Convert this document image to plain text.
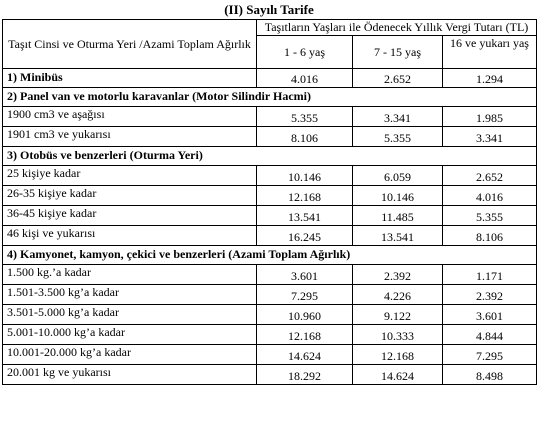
(II) Sayılı Tarife
Taşıt Cinsi ve Oturma Yeri /Azami Toplam Ağırlık	Taşıtların Yaşları ile Ödenecek Yıllık Vergi Tutarı (TL)		
	1 - 6 yaş	7 - 15 yaş	16 ve yukarı yaş
1) Minibüs	4.016	2.652	1.294
2) Panel van ve motorlu karavanlar (Motor Silindir Hacmi)			
1900 cm3 ve aşağısı	5.355	3.341	1.985
1901 cm3 ve yukarısı	8.106	5.355	3.341
3) Otobüs ve benzerleri (Oturma Yeri)			
25 kişiye kadar	10.146	6.059	2.652
26-35 kişiye kadar	12.168	10.146	4.016
36-45 kişiye kadar	13.541	11.485	5.355
46 kişi ve yukarısı	16.245	13.541	8.106
4) Kamyonet, kamyon, çekici ve benzerleri (Azami Toplam Ağırlık)			
1.500 kg.’a kadar	3.601	2.392	1.171
1.501-3.500 kg’a kadar	7.295	4.226	2.392
3.501-5.000 kg’a kadar	10.960	9.122	3.601
5.001-10.000 kg’a kadar	12.168	10.333	4.844
10.001-20.000 kg’a kadar	14.624	12.168	7.295
20.001 kg ve yukarısı	18.292	14.624	8.498
